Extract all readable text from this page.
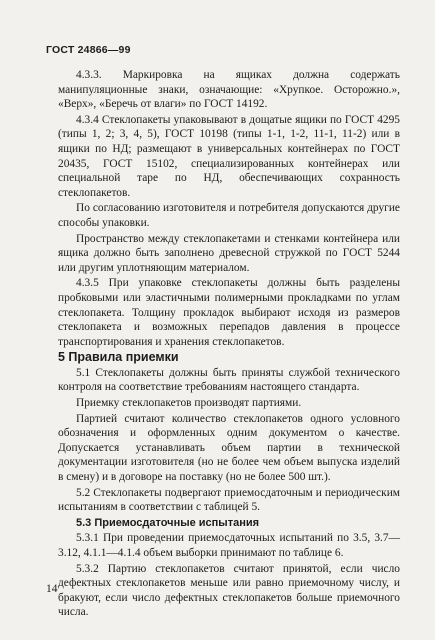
ГОСТ 24866—99

4.3.3. Маркировка на ящиках должна содержать манипуляционные знаки, означающие: «Хрупкое. Осторожно.», «Верх», «Беречь от влаги» по ГОСТ 14192.

4.3.4 Стеклопакеты упаковывают в дощатые ящики по ГОСТ 4295 (типы 1, 2; 3, 4, 5), ГОСТ 10198 (типы 1-1, 1-2, 11-1, 11-2) или в ящики по НД; размещают в универсальных контейнерах по ГОСТ 20435, ГОСТ 15102, специализированных контейнерах или специальной таре по НД, обеспечивающих сохранность стеклопакетов.

По согласованию изготовителя и потребителя допускаются другие способы упаковки.

Пространство между стеклопакетами и стенками контейнера или ящика должно быть заполнено древесной стружкой по ГОСТ 5244 или другим уплотняющим материалом.

4.3.5 При упаковке стеклопакеты должны быть разделены пробковыми или эластичными полимерными прокладками по углам стеклопакета. Толщину прокладок выбирают исходя из размеров стеклопакета и возможных перепадов давления в процессе транспортирования и хранения стеклопакетов.

5 Правила приемки

5.1 Стеклопакеты должны быть приняты службой технического контроля на соответствие требованиям настоящего стандарта.

Приемку стеклопакетов производят партиями.

Партией считают количество стеклопакетов одного условного обозначения и оформленных одним документом о качестве. Допускается устанавливать объем партии в технической документации изготовителя (но не более чем объем выпуска изделий в смену) и в договоре на поставку (но не более 500 шт.).

5.2 Стеклопакеты подвергают приемосдаточным и периодическим испытаниям в соответствии с таблицей 5.

5.3 Приемосдаточные испытания

5.3.1 При проведении приемосдаточных испытаний по 3.5, 3.7—3.12, 4.1.1—4.1.4 объем выборки принимают по таблице 6.

5.3.2 Партию стеклопакетов считают принятой, если число дефектных стеклопакетов меньше или равно приемочному числу, и бракуют, если число дефектных стеклопакетов больше приемочного числа.

14
